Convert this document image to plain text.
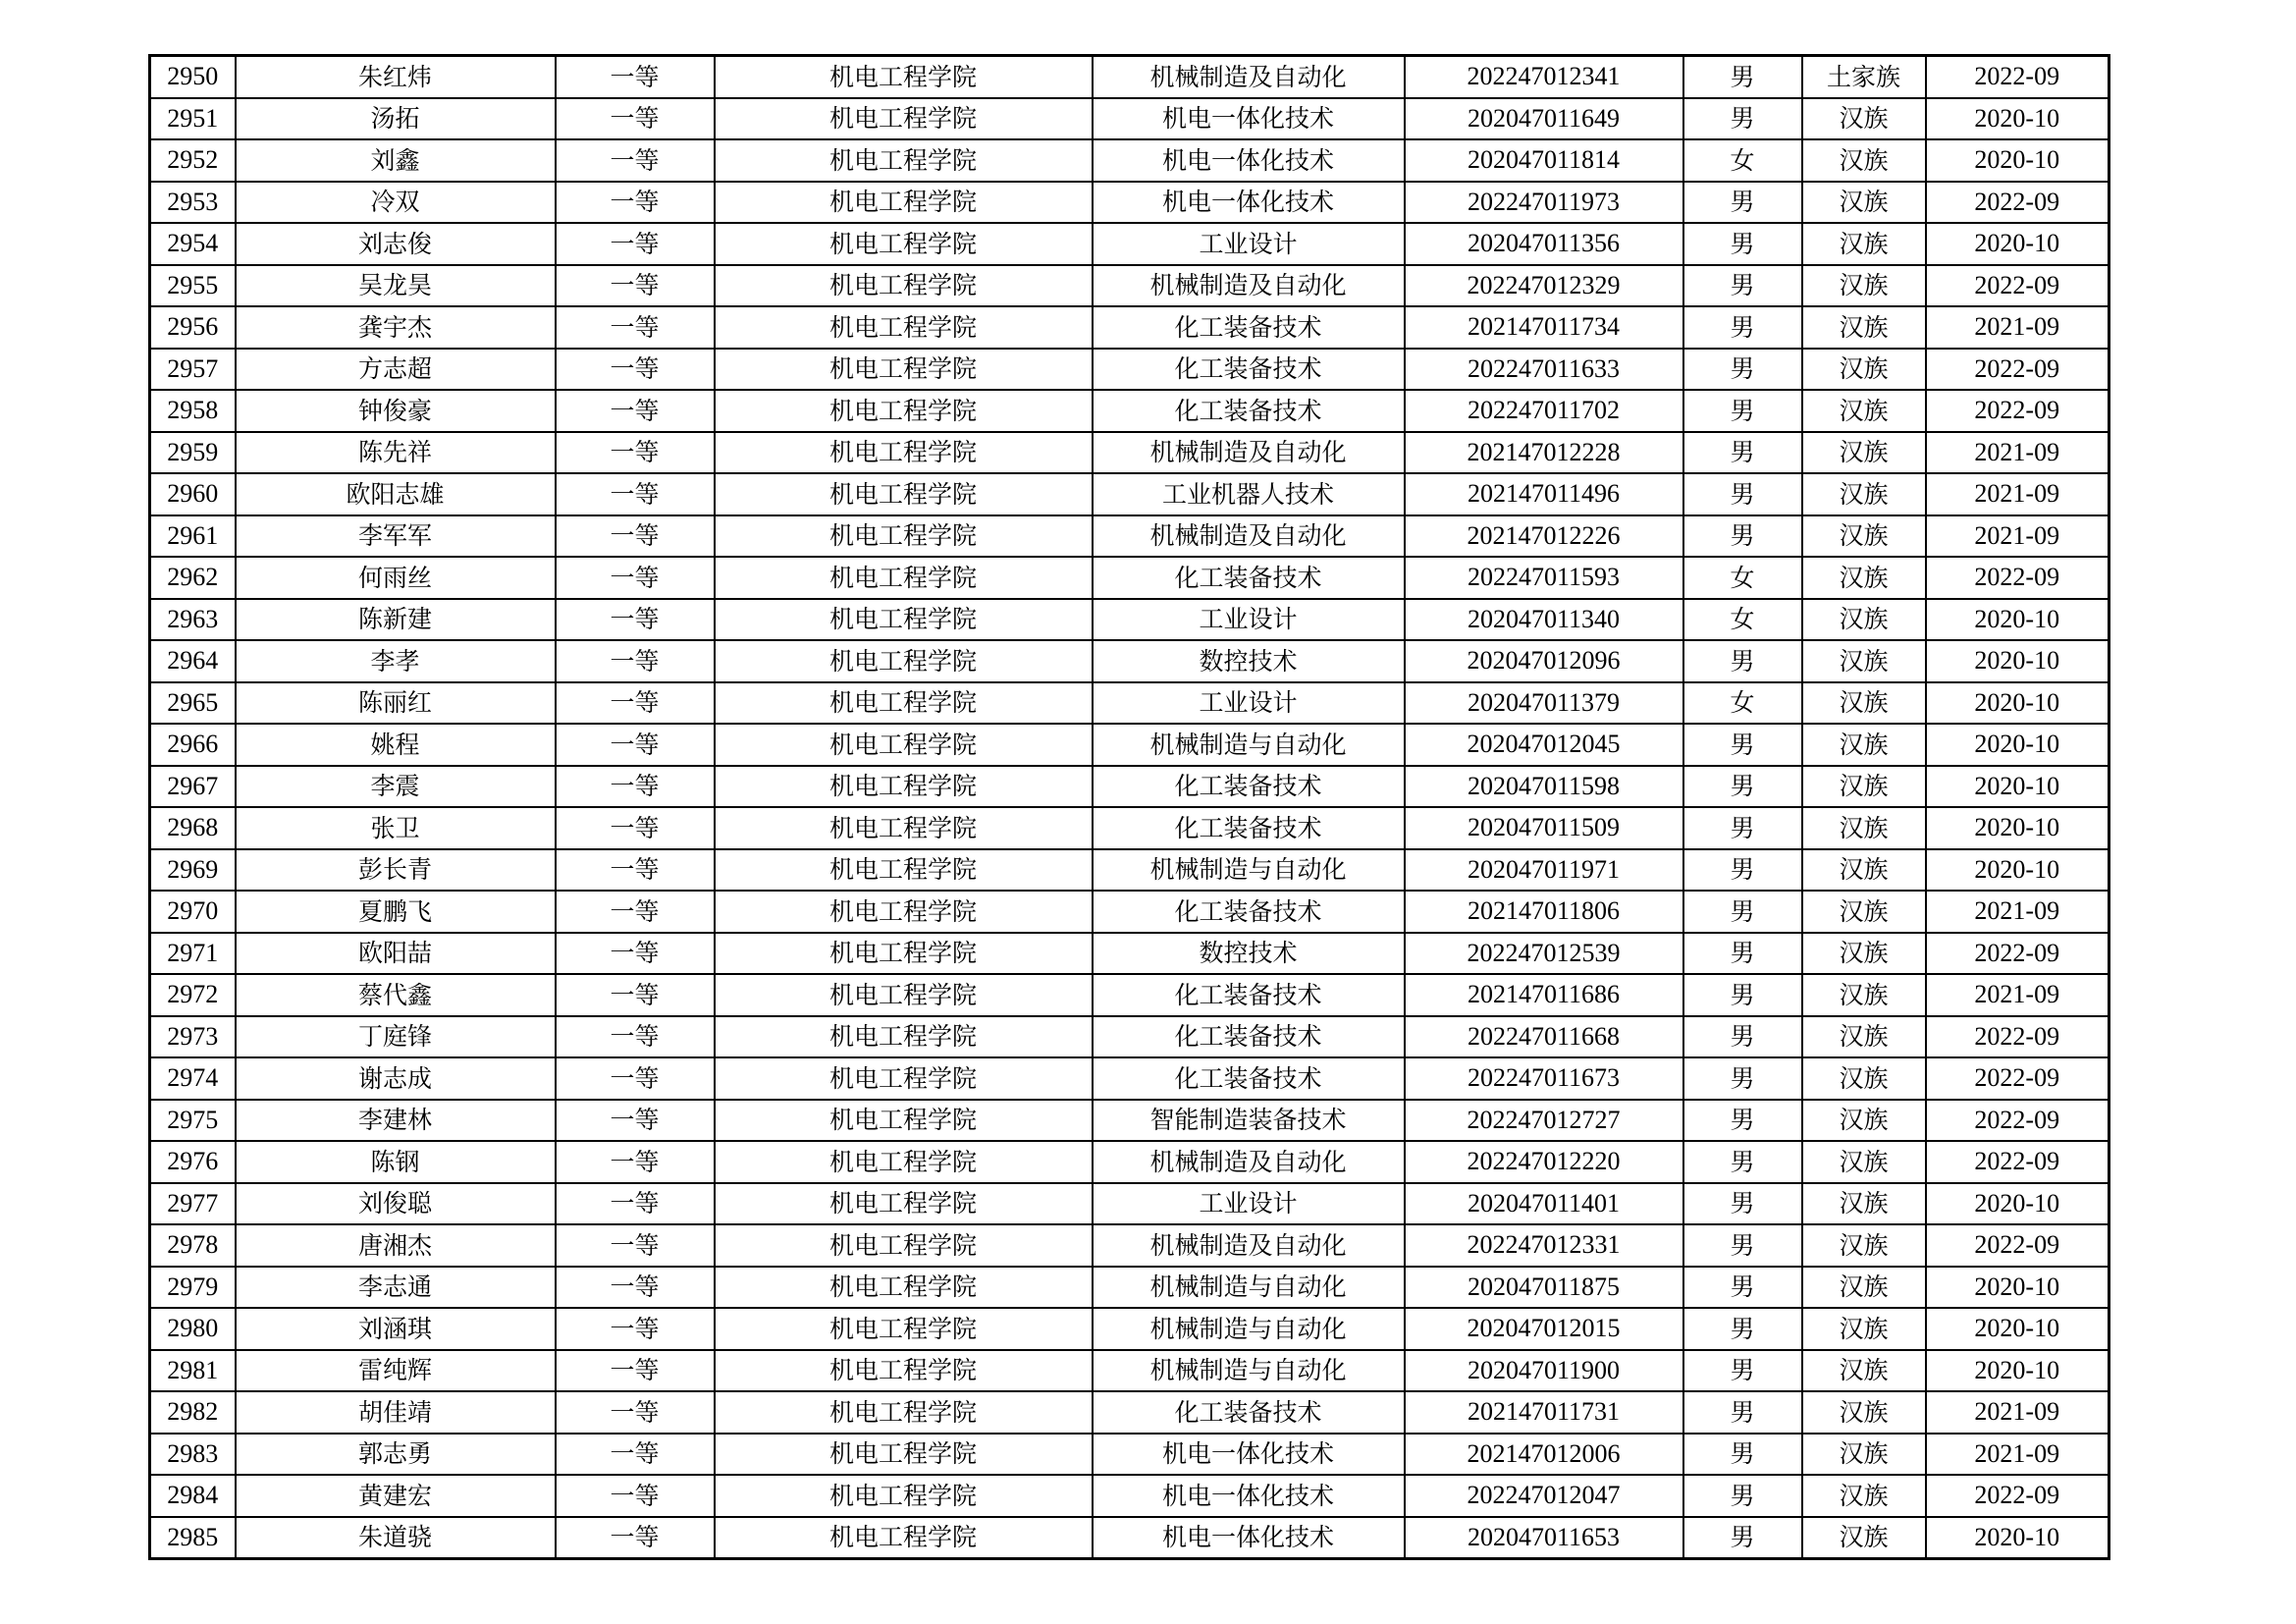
2950	朱红炜	一等	机电工程学院	机械制造及自动化	202247012341	男	土家族	2022-09
2951	汤拓	一等	机电工程学院	机电一体化技术	202047011649	男	汉族	2020-10
2952	刘鑫	一等	机电工程学院	机电一体化技术	202047011814	女	汉族	2020-10
2953	冷双	一等	机电工程学院	机电一体化技术	202247011973	男	汉族	2022-09
2954	刘志俊	一等	机电工程学院	工业设计	202047011356	男	汉族	2020-10
2955	吴龙昊	一等	机电工程学院	机械制造及自动化	202247012329	男	汉族	2022-09
2956	龚宇杰	一等	机电工程学院	化工装备技术	202147011734	男	汉族	2021-09
2957	方志超	一等	机电工程学院	化工装备技术	202247011633	男	汉族	2022-09
2958	钟俊豪	一等	机电工程学院	化工装备技术	202247011702	男	汉族	2022-09
2959	陈先祥	一等	机电工程学院	机械制造及自动化	202147012228	男	汉族	2021-09
2960	欧阳志雄	一等	机电工程学院	工业机器人技术	202147011496	男	汉族	2021-09
2961	李军军	一等	机电工程学院	机械制造及自动化	202147012226	男	汉族	2021-09
2962	何雨丝	一等	机电工程学院	化工装备技术	202247011593	女	汉族	2022-09
2963	陈新建	一等	机电工程学院	工业设计	202047011340	女	汉族	2020-10
2964	李孝	一等	机电工程学院	数控技术	202047012096	男	汉族	2020-10
2965	陈丽红	一等	机电工程学院	工业设计	202047011379	女	汉族	2020-10
2966	姚程	一等	机电工程学院	机械制造与自动化	202047012045	男	汉族	2020-10
2967	李震	一等	机电工程学院	化工装备技术	202047011598	男	汉族	2020-10
2968	张卫	一等	机电工程学院	化工装备技术	202047011509	男	汉族	2020-10
2969	彭长青	一等	机电工程学院	机械制造与自动化	202047011971	男	汉族	2020-10
2970	夏鹏飞	一等	机电工程学院	化工装备技术	202147011806	男	汉族	2021-09
2971	欧阳喆	一等	机电工程学院	数控技术	202247012539	男	汉族	2022-09
2972	蔡代鑫	一等	机电工程学院	化工装备技术	202147011686	男	汉族	2021-09
2973	丁庭锋	一等	机电工程学院	化工装备技术	202247011668	男	汉族	2022-09
2974	谢志成	一等	机电工程学院	化工装备技术	202247011673	男	汉族	2022-09
2975	李建林	一等	机电工程学院	智能制造装备技术	202247012727	男	汉族	2022-09
2976	陈钢	一等	机电工程学院	机械制造及自动化	202247012220	男	汉族	2022-09
2977	刘俊聪	一等	机电工程学院	工业设计	202047011401	男	汉族	2020-10
2978	唐湘杰	一等	机电工程学院	机械制造及自动化	202247012331	男	汉族	2022-09
2979	李志通	一等	机电工程学院	机械制造与自动化	202047011875	男	汉族	2020-10
2980	刘涵琪	一等	机电工程学院	机械制造与自动化	202047012015	男	汉族	2020-10
2981	雷纯辉	一等	机电工程学院	机械制造与自动化	202047011900	男	汉族	2020-10
2982	胡佳靖	一等	机电工程学院	化工装备技术	202147011731	男	汉族	2021-09
2983	郭志勇	一等	机电工程学院	机电一体化技术	202147012006	男	汉族	2021-09
2984	黄建宏	一等	机电工程学院	机电一体化技术	202247012047	男	汉族	2022-09
2985	朱道骁	一等	机电工程学院	机电一体化技术	202047011653	男	汉族	2020-10
